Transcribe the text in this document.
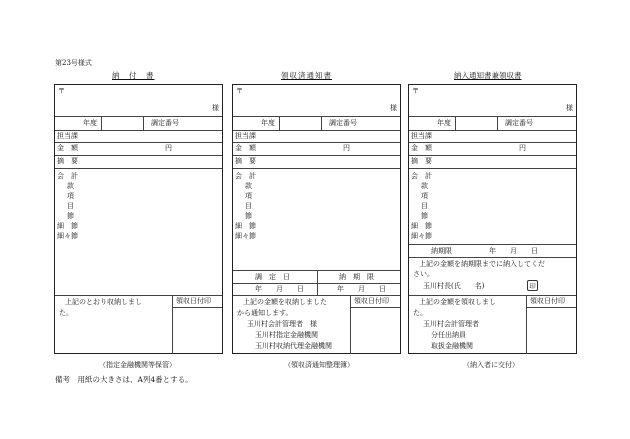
第23号様式
納　付　書
〒
様
年度	調定番号
担当課
金　額	円
摘　要
会　計
款
項
目
節
細　節
細々節
上記のとおり収納しまし
た。
領収日付印
（指定金融機関等保管）
領収済通知書
〒
様
年度	調定番号
担当課
金　額	円
摘　要
会　計
款
項
目
節
細　節
細々節
調　定　日	納　期　限
年　　月　　日	年　　月　　日
上記の金額を収納しました
から通知します。
玉川村会計管理者　様
玉川村指定金融機関
玉川村収納代理金融機関
領収日付印
（領収済通知整理簿）
納入通知書兼領収書
〒
様
年度	調定番号
担当課
金　額	円
摘　要
会　計
款
項
目
節
細　節
細々節
納期限	年　　月　　日
上記の金額を納期限までに納入してくだ
さい。
玉川村長(氏　　名)	印
上記の金額を領収しまし
た。
玉川村会計管理者
分任出納員
取扱金融機関
領収日付印
（納入者に交付）
備考　用紙の大きさは、A列4番とする。
